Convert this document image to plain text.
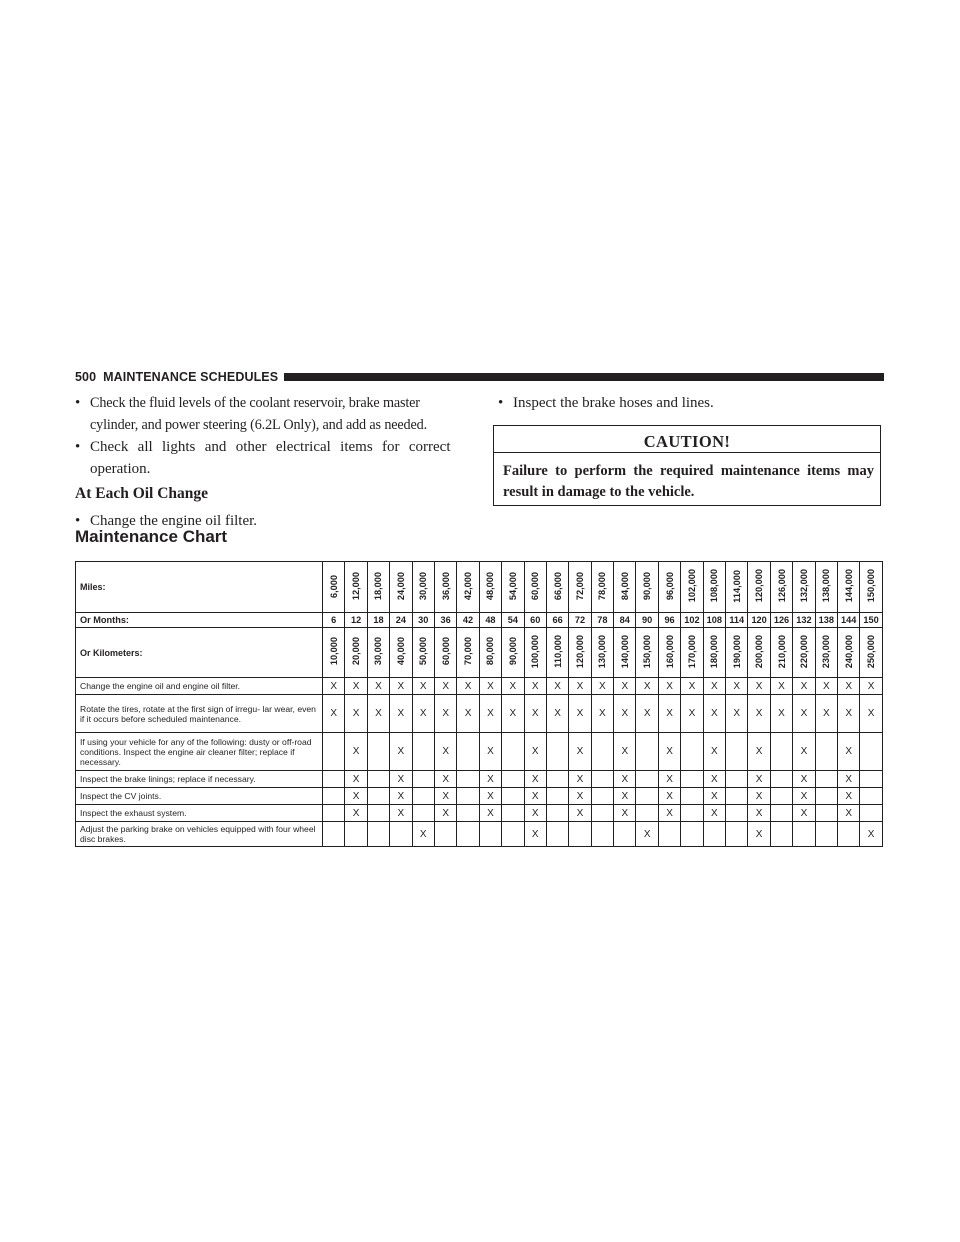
500 MAINTENANCE SCHEDULES
• Check the fluid levels of the coolant reservoir, brake master
cylinder, and power steering (6.2L Only), and add as needed.
• Check all lights and other electrical items for correct
operation.
At Each Oil Change
• Change the engine oil filter.
• Inspect the brake hoses and lines.
CAUTION!
Failure to perform the required maintenance items may result in damage to the vehicle.
Maintenance Chart
Miles:	6,000	12,000	18,000	24,000	30,000	36,000	42,000	48,000	54,000	60,000	66,000	72,000	78,000	84,000	90,000	96,000	102,000	108,000	114,000	120,000	126,000	132,000	138,000	144,000	150,000
Or Months:	6	12	18	24	30	36	42	48	54	60	66	72	78	84	90	96	102	108	114	120	126	132	138	144	150
Or Kilometers:	10,000	20,000	30,000	40,000	50,000	60,000	70,000	80,000	90,000	100,000	110,000	120,000	130,000	140,000	150,000	160,000	170,000	180,000	190,000	200,000	210,000	220,000	230,000	240,000	250,000
Change the engine oil and engine oil filter.	X	X	X	X	X	X	X	X	X	X	X	X	X	X	X	X	X	X	X	X	X	X	X	X	X
Rotate the tires, rotate at the first sign of irregu- lar wear, even if it occurs before scheduled maintenance.	X	X	X	X	X	X	X	X	X	X	X	X	X	X	X	X	X	X	X	X	X	X	X	X	X
If using your vehicle for any of the following: dusty or off-road conditions. Inspect the engine air cleaner filter; replace if necessary.		X		X		X		X		X		X		X		X		X		X		X		X	
Inspect the brake linings; replace if necessary.		X		X		X		X		X		X		X		X		X		X		X		X	
Inspect the CV joints.		X		X		X		X		X		X		X		X		X		X		X		X	
Inspect the exhaust system.		X		X		X		X		X		X		X		X		X		X		X		X	
Adjust the parking brake on vehicles equipped with four wheel disc brakes.					X					X					X					X					X
